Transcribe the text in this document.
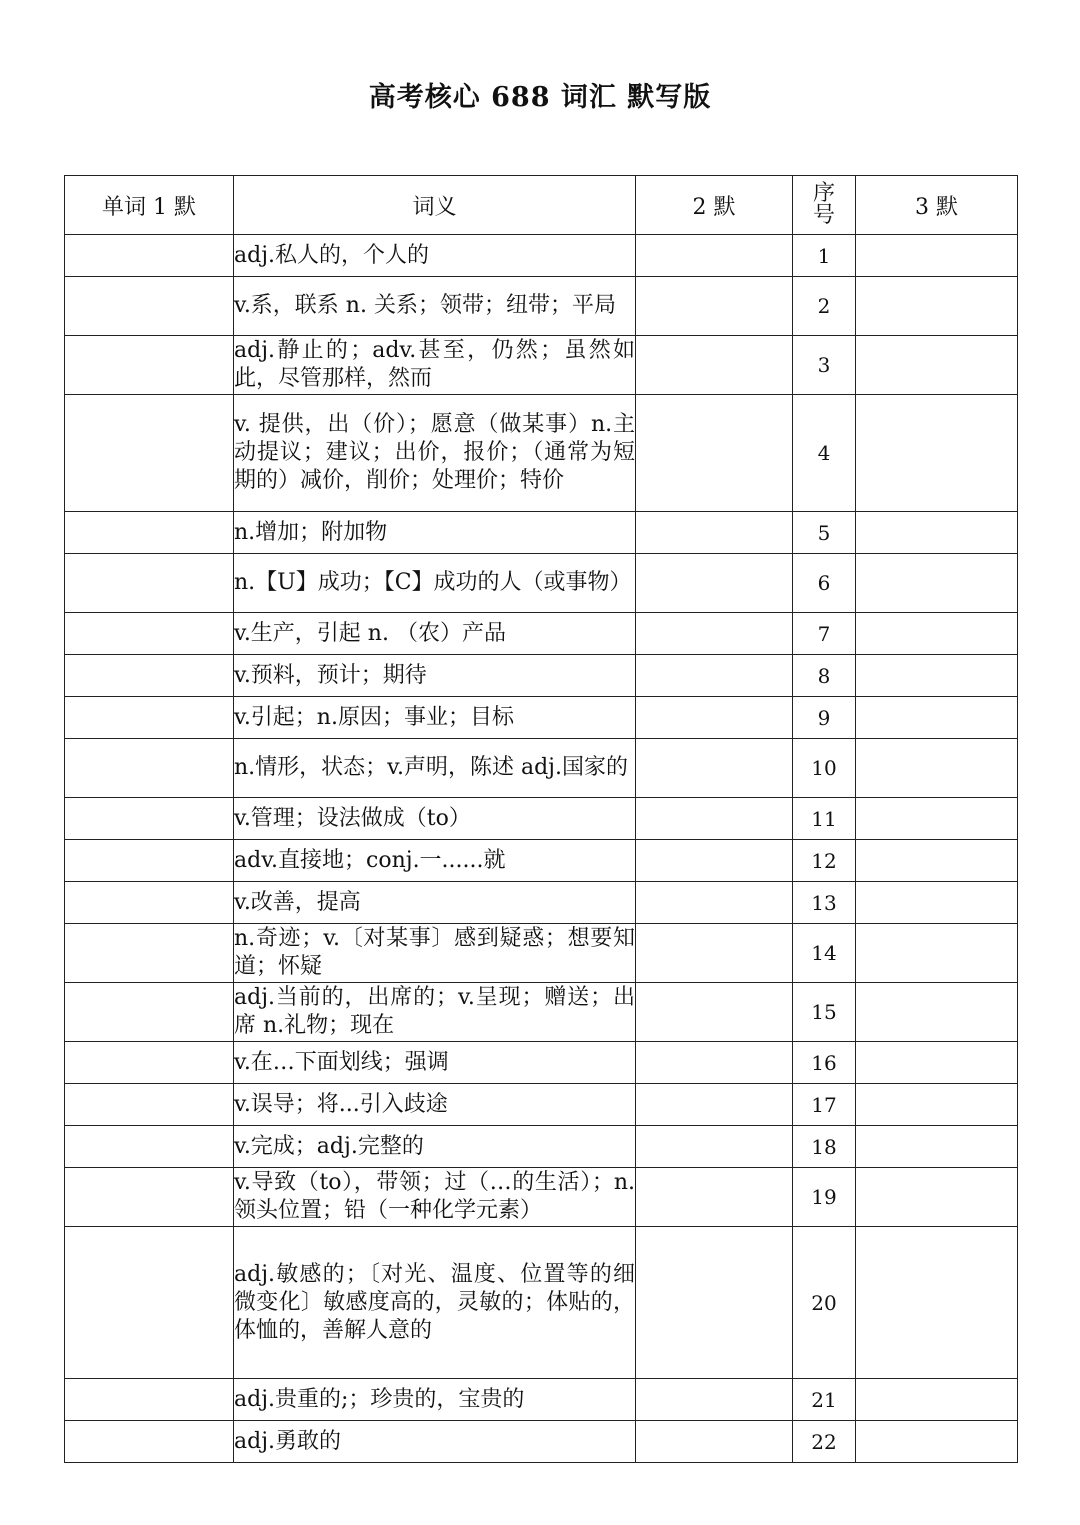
高考核心 688 词汇 默写版
单词 1 默	词义	2 默	序号	3 默
	adj.私人的，个人的		1	
	v.系，联系 n. 关系；领带；纽带；平局		2	
	adj.静止的；adv.甚至，仍然；虽然如此，尽管那样，然而		3	
	v. 提供，出（价）；愿意（做某事）n.主动提议；建议；出价，报价；（通常为短期的）减价，削价；处理价；特价		4	
	n.增加；附加物		5	
	n.【U】成功；【C】成功的人（或事物）		6	
	v.生产，引起 n. （农）产品		7	
	v.预料，预计；期待		8	
	v.引起；n.原因；事业；目标		9	
	n.情形，状态；v.声明，陈述 adj.国家的		10	
	v.管理；设法做成（to）		11	
	adv.直接地；conj.一......就		12	
	v.改善，提高		13	
	n.奇迹；v.〔对某事〕感到疑惑；想要知道；怀疑		14	
	adj.当前的，出席的；v.呈现；赠送；出席 n.礼物；现在		15	
	v.在…下面划线；强调		16	
	v.误导；将...引入歧途		17	
	v.完成；adj.完整的		18	
	v.导致（to），带领；过（…的生活）；n.领头位置；铅（一种化学元素）		19	
	adj.敏感的；〔对光、温度、位置等的细微变化〕敏感度高的，灵敏的；体贴的，体恤的，善解人意的		20	
	adj.贵重的;；珍贵的，宝贵的		21	
	adj.勇敢的		22	
